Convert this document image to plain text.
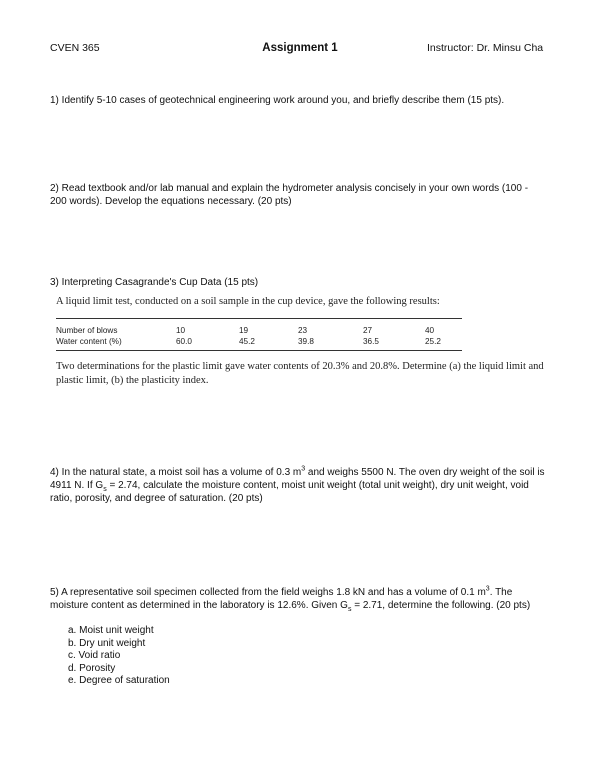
CVEN 365	Assignment 1	Instructor: Dr. Minsu Cha
1) Identify 5-10 cases of geotechnical engineering work around you, and briefly describe them (15 pts).
2) Read textbook and/or lab manual and explain the hydrometer analysis concisely in your own words (100 - 200 words). Develop the equations necessary. (20 pts)
3) Interpreting Casagrande's Cup Data (15 pts)
A liquid limit test, conducted on a soil sample in the cup device, gave the following results:
Number of blows	10	19	23	27	40
Water content (%)	60.0	45.2	39.8	36.5	25.2
Two determinations for the plastic limit gave water contents of 20.3% and 20.8%. Determine (a) the liquid limit and plastic limit, (b) the plasticity index.
4) In the natural state, a moist soil has a volume of 0.3 $m^3$ and weighs 5500 N. The oven dry weight of the soil is 4911 N. If $G_s = 2.74$, calculate the moisture content, moist unit weight (total unit weight), dry unit weight, void ratio, porosity, and degree of saturation. (20 pts)
5) A representative soil specimen collected from the field weighs 1.8 kN and has a volume of 0.1 $m^3$. The moisture content as determined in the laboratory is 12.6%. Given $G_s = 2.71$, determine the following. (20 pts)
a. Moist unit weight
b. Dry unit weight
c. Void ratio
d. Porosity
e. Degree of saturation
